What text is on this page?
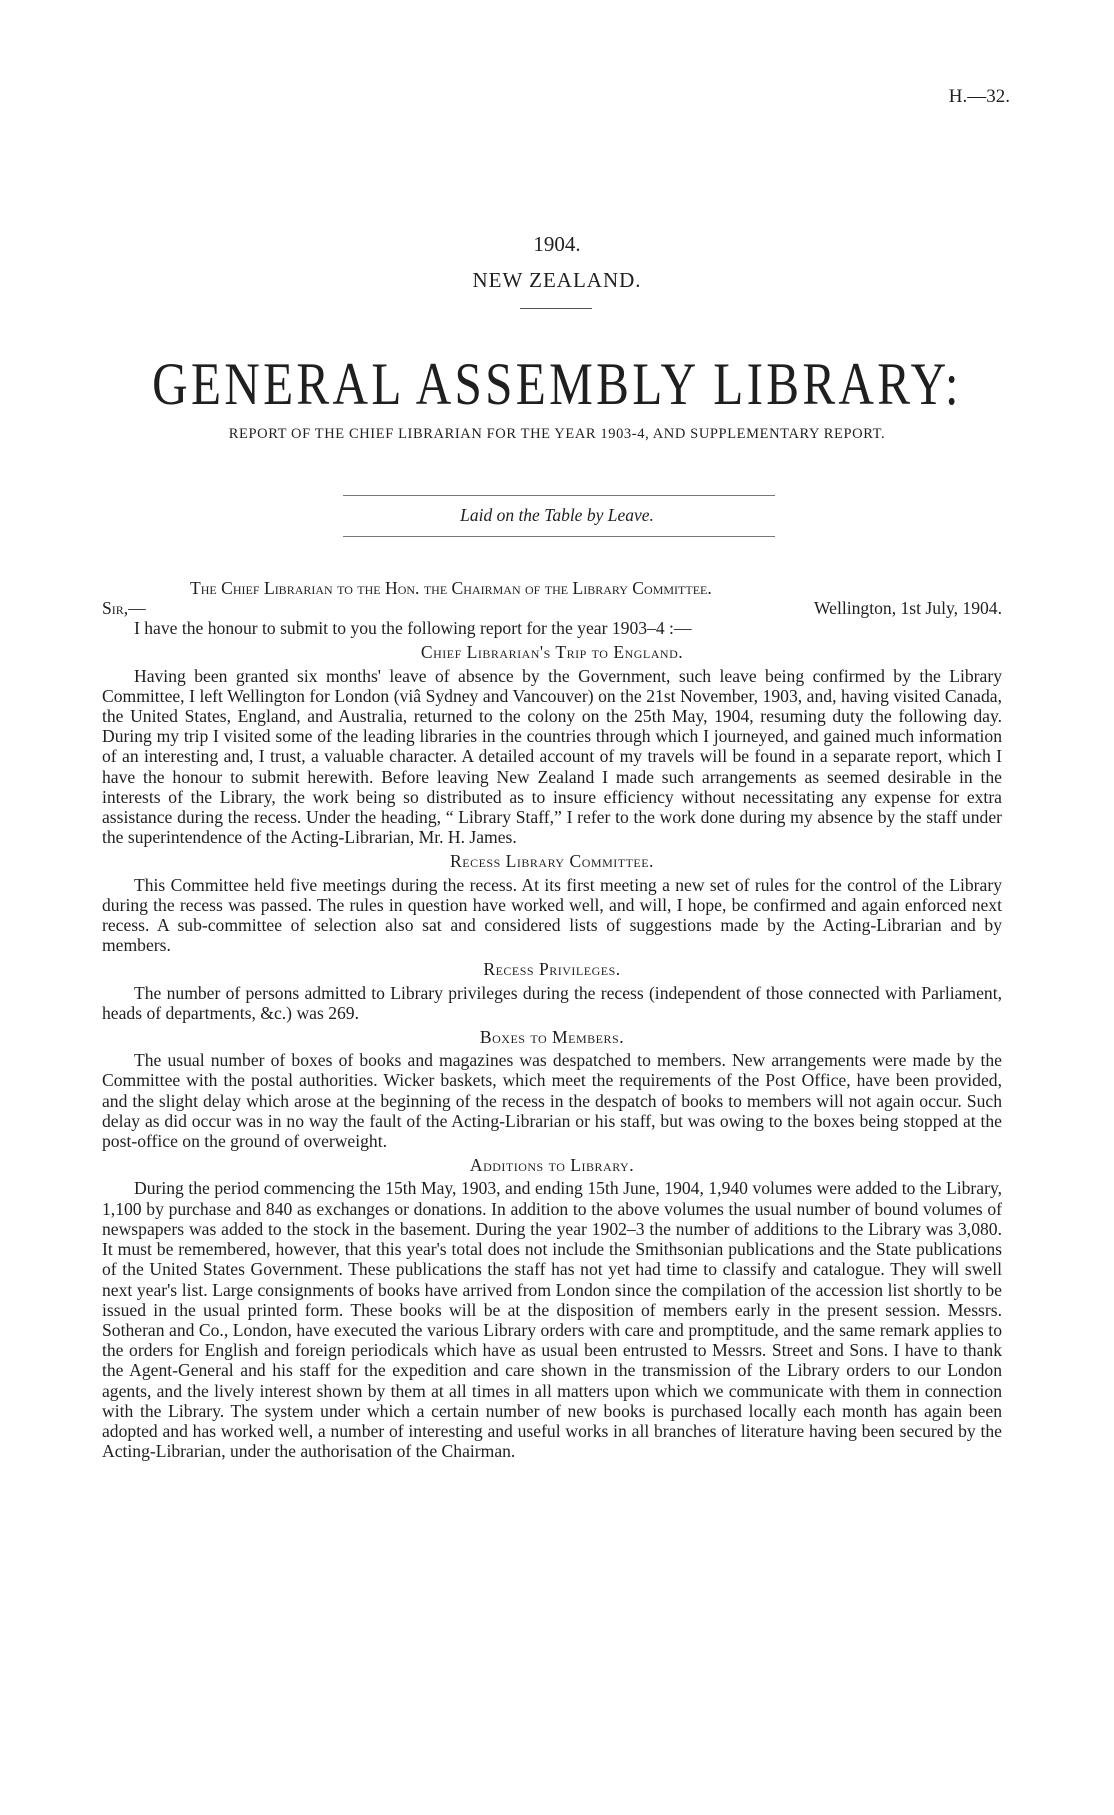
H.—32.
1904.
NEW ZEALAND.
GENERAL ASSEMBLY LIBRARY:
REPORT OF THE CHIEF LIBRARIAN FOR THE YEAR 1903-4, AND SUPPLEMENTARY REPORT.
Laid on the Table by Leave.
The Chief Librarian to the Hon. the Chairman of the Library Committee.
Sir,—	Wellington, 1st July, 1904.

I have the honour to submit to you the following report for the year 1903–4 :—

Chief Librarian's Trip to England.

Having been granted six months' leave of absence by the Government, such leave being confirmed by the Library Committee, I left Wellington for London (viâ Sydney and Vancouver) on the 21st November, 1903, and, having visited Canada, the United States, England, and Australia, returned to the colony on the 25th May, 1904, resuming duty the following day. During my trip I visited some of the leading libraries in the countries through which I journeyed, and gained much information of an interesting and, I trust, a valuable character. A detailed account of my travels will be found in a separate report, which I have the honour to submit herewith. Before leaving New Zealand I made such arrangements as seemed desirable in the interests of the Library, the work being so distributed as to insure efficiency without necessitating any expense for extra assistance during the recess. Under the heading, “ Library Staff,” I refer to the work done during my absence by the staff under the superintendence of the Acting-Librarian, Mr. H. James.

Recess Library Committee.

This Committee held five meetings during the recess. At its first meeting a new set of rules for the control of the Library during the recess was passed. The rules in question have worked well, and will, I hope, be confirmed and again enforced next recess. A sub-committee of selection also sat and considered lists of suggestions made by the Acting-Librarian and by members.

Recess Privileges.

The number of persons admitted to Library privileges during the recess (independent of those connected with Parliament, heads of departments, &c.) was 269.

Boxes to Members.

The usual number of boxes of books and magazines was despatched to members. New arrangements were made by the Committee with the postal authorities. Wicker baskets, which meet the requirements of the Post Office, have been provided, and the slight delay which arose at the beginning of the recess in the despatch of books to members will not again occur. Such delay as did occur was in no way the fault of the Acting-Librarian or his staff, but was owing to the boxes being stopped at the post-office on the ground of overweight.

Additions to Library.

During the period commencing the 15th May, 1903, and ending 15th June, 1904, 1,940 volumes were added to the Library, 1,100 by purchase and 840 as exchanges or donations. In addition to the above volumes the usual number of bound volumes of newspapers was added to the stock in the basement. During the year 1902–3 the number of additions to the Library was 3,080. It must be remembered, however, that this year's total does not include the Smithsonian publications and the State publications of the United States Government. These publications the staff has not yet had time to classify and catalogue. They will swell next year's list. Large consignments of books have arrived from London since the compilation of the accession list shortly to be issued in the usual printed form. These books will be at the disposition of members early in the present session. Messrs. Sotheran and Co., London, have executed the various Library orders with care and promptitude, and the same remark applies to the orders for English and foreign periodicals which have as usual been entrusted to Messrs. Street and Sons. I have to thank the Agent-General and his staff for the expedition and care shown in the transmission of the Library orders to our London agents, and the lively interest shown by them at all times in all matters upon which we communicate with them in connection with the Library. The system under which a certain number of new books is purchased locally each month has again been adopted and has worked well, a number of interesting and useful works in all branches of literature having been secured by the Acting-Librarian, under the authorisation of the Chairman.
